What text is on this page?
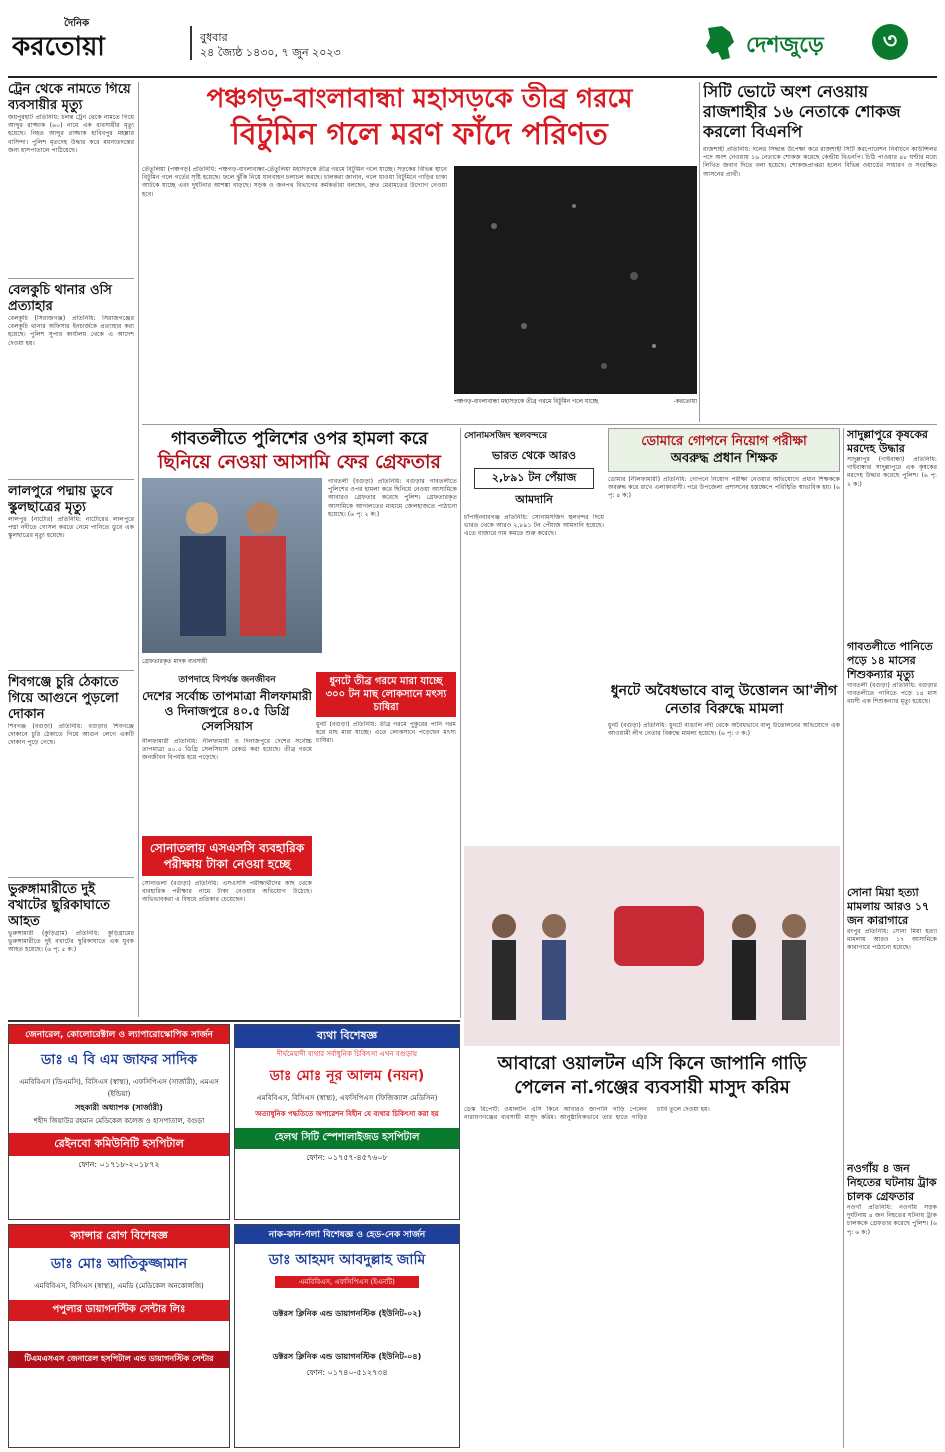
দৈনিক
করতোয়া	বুধবার
২৪ জ্যৈষ্ঠ ১৪৩০, ৭ জুন ২০২৩	দেশজুড়ে	৩
ট্রেন থেকে নামতে গিয়ে ব্যবসায়ীর মৃত্যু
জয়পুরহাট প্রতিনিধি: চলন্ত ট্রেন থেকে নামতে গিয়ে আব্দুর রাজ্জাক (৬০) নামে এক ব্যবসায়ীর মৃত্যু হয়েছে। নিহত আব্দুর রাজ্জাক হাবিবপুর মহল্লার বাসিন্দা। পুলিশ মৃতদেহ উদ্ধার করে ময়নাতদন্তের জন্য হাসপাতালে পাঠিয়েছে।
বেলকুচি থানার ওসি প্রত্যাহার
বেলকুচি (সিরাজগঞ্জ) প্রতিনিধি: সিরাজগঞ্জের বেলকুচি থানার অফিসার ইনচার্জকে প্রত্যাহার করা হয়েছে। পুলিশ সুপার কার্যালয় থেকে এ আদেশ দেওয়া হয়।
লালপুরে পদ্মায় ডুবে স্কুলছাত্রের মৃত্যু
লালপুর (নাটোর) প্রতিনিধি: নাটোরের লালপুরে পদ্মা নদীতে গোসল করতে নেমে পানিতে ডুবে এক স্কুলছাত্রের মৃত্যু হয়েছে।
শিবগঞ্জে চুরি ঠেকাতে গিয়ে আগুনে পুড়লো দোকান
শিবগঞ্জ (বগুড়া) প্রতিনিধি: বগুড়ার শিবগঞ্জে দোকানে চুরি ঠেকাতে গিয়ে আগুন লেগে একটি দোকান পুড়ে গেছে।
ভুরুঙ্গামারীতে দুই বখাটের ছুরিকাঘাতে আহত
ভুরুঙ্গামারী (কুড়িগ্রাম) প্রতিনিধি: কুড়িগ্রামের ভুরুঙ্গামারীতে দুই বখাটের ছুরিকাঘাতে এক যুবক আহত হয়েছে। (৬ পৃ: ৫ ক:)
পঞ্চগড়-বাংলাবান্ধা মহাসড়কে তীব্র গরমে
বিটুমিন গলে মরণ ফাঁদে পরিণত
তেঁতুলিয়া (পঞ্চগড়) প্রতিনিধি: পঞ্চগড়-বাংলাবান্ধা-তেঁতুলিয়া মহাসড়কে তীব্র গরমে বিটুমিন গলে যাচ্ছে। সড়কের বিভিন্ন স্থানে বিটুমিন গলে গর্তের সৃষ্টি হয়েছে। ফলে ঝুঁকি নিয়ে যানবাহন চলাচল করছে। চালকরা জানান, গলে যাওয়া বিটুমিনে গাড়ির চাকা আটকে যাচ্ছে এবং দুর্ঘটনার আশঙ্কা বাড়ছে। সড়ক ও জনপথ বিভাগের কর্মকর্তারা বলছেন, দ্রুত মেরামতের উদ্যোগ নেওয়া হবে।
পঞ্চগড়-বাংলাবান্ধা মহাসড়কে তীব্র গরমে বিটুমিন গলে যাচ্ছে	-করতোয়া
সিটি ভোটে অংশ নেওয়ায় রাজশাহীর ১৬ নেতাকে শোকজ করলো বিএনপি
রাজশাহী প্রতিনিধি: দলের সিদ্ধান্ত উপেক্ষা করে রাজশাহী সিটি করপোরেশন নির্বাচনে কাউন্সিলর পদে অংশ নেওয়ায় ১৬ নেতাকে শোকজ করেছে কেন্দ্রীয় বিএনপি। চিঠি পাওয়ার ৪৮ ঘণ্টার মধ্যে লিখিত জবাব দিতে বলা হয়েছে। শোকজপ্রাপ্তরা হলেন বিভিন্ন ওয়ার্ডের সাধারণ ও সংরক্ষিত আসনের প্রার্থী।
গাবতলীতে পুলিশের ওপর হামলা করে
ছিনিয়ে নেওয়া আসামি ফের গ্রেফতার
গ্রেফতারকৃত মাদক ব্যবসায়ী
গাবতলী (বগুড়া) প্রতিনিধি: বগুড়ার গাবতলীতে পুলিশের ওপর হামলা করে ছিনিয়ে নেওয়া আসামিকে আবারও গ্রেফতার করেছে পুলিশ। গ্রেফতারকৃত আসামিকে আদালতের মাধ্যমে জেলহাজতে পাঠানো হয়েছে। (৬ পৃ: ২ ক:)
তাপদাহে বিপর্যস্ত জনজীবন
দেশের সর্বোচ্চ তাপমাত্রা নীলফামারী ও দিনাজপুরে ৪০.৫ ডিগ্রি সেলসিয়াস
নীলফামারী প্রতিনিধি: নীলফামারী ও দিনাজপুরে দেশের সর্বোচ্চ তাপমাত্রা ৪০.৫ ডিগ্রি সেলসিয়াস রেকর্ড করা হয়েছে। তীব্র গরমে জনজীবন বিপর্যস্ত হয়ে পড়েছে।
ধুনটে তীব্র গরমে মারা যাচ্ছে ৩০০ টন মাছ লোকসানে মৎস্য চাষিরা
ধুনট (বগুড়া) প্রতিনিধি: তীব্র গরমে পুকুরের পানি গরম হয়ে মাছ মারা যাচ্ছে। এতে লোকসানে পড়েছেন মৎস্য চাষিরা।
সোনাতলায় এসএসসি ব্যবহারিক পরীক্ষায় টাকা নেওয়া হচ্ছে
সোনাতলা (বগুড়া) প্রতিনিধি: এসএসসি পরীক্ষার্থীদের কাছ থেকে ব্যবহারিক পরীক্ষার নামে টাকা নেওয়ার অভিযোগ উঠেছে। অভিভাবকরা এ বিষয়ে প্রতিকার চেয়েছেন।
সোনামসজিদ স্থলবন্দরে
ভারত থেকে আরও
২,৮৯১ টন পেঁয়াজ
আমদানি
চাঁপাইনবাবগঞ্জ প্রতিনিধি: সোনামসজিদ স্থলবন্দর দিয়ে ভারত থেকে আরও ২,৮৯১ টন পেঁয়াজ আমদানি হয়েছে। এতে বাজারে দাম কমতে শুরু করেছে।
ডোমারে গোপনে নিয়োগ পরীক্ষা
অবরুদ্ধ প্রধান শিক্ষক
ডোমার (নীলফামারী) প্রতিনিধি: গোপনে নিয়োগ পরীক্ষা নেওয়ার অভিযোগে প্রধান শিক্ষককে অবরুদ্ধ করে রাখে এলাকাবাসী। পরে উপজেলা প্রশাসনের হস্তক্ষেপে পরিস্থিতি স্বাভাবিক হয়। (৬ পৃ: ৪ ক:)
ধুনটে অবৈধভাবে বালু উত্তোলন আ'লীগ নেতার বিরুদ্ধে মামলা
ধুনট (বগুড়া) প্রতিনিধি: ধুনটে বাঙালি নদী থেকে অবৈধভাবে বালু উত্তোলনের অভিযোগে এক আওয়ামী লীগ নেতার বিরুদ্ধে মামলা হয়েছে। (৬ পৃ: ৩ ক:)
আবারো ওয়ালটন এসি কিনে জাপানি গাড়ি
পেলেন না.গঞ্জের ব্যবসায়ী মাসুদ করিম
ডেস্ক রিপোর্ট: ওয়ালটন এসি কিনে আবারও জাপানি গাড়ি পেলেন নারায়ণগঞ্জের ব্যবসায়ী মাসুদ করিম। আনুষ্ঠানিকভাবে তার হাতে গাড়ির চাবি তুলে দেওয়া হয়।
সাদুল্লাপুরে কৃষকের মরদেহ উদ্ধার
সাদুল্লাপুর (গাইবান্ধা) প্রতিনিধি: গাইবান্ধার সাদুল্লাপুরে এক কৃষকের মরদেহ উদ্ধার করেছে পুলিশ। (৬ পৃ: ২ ক:)
গাবতলীতে পানিতে পড়ে ১৪ মাসের শিশুকন্যার মৃত্যু
গাবতলী (বগুড়া) প্রতিনিধি: বগুড়ার গাবতলীতে পানিতে পড়ে ১৪ মাস বয়সী এক শিশুকন্যার মৃত্যু হয়েছে।
সোনা মিয়া হত্যা মামলায় আরও ১৭ জন কারাগারে
রংপুর প্রতিনিধি: সোনা মিয়া হত্যা মামলায় আরও ১৭ আসামিকে কারাগারে পাঠানো হয়েছে।
নওগাঁয় ৪ জন নিহতের ঘটনায় ট্রাক চালক গ্রেফতার
নওগাঁ প্রতিনিধি: নওগাঁয় সড়ক দুর্ঘটনায় ৪ জন নিহতের ঘটনায় ট্রাক চালককে গ্রেফতার করেছে পুলিশ। (৬ পৃ: ৬ ক:)
জেনারেল, কোলোরেক্টাল ও ল্যাপারোস্কোপিক সার্জন
ডাঃ এ বি এম জাফর সাদিক
এমবিবিএস (ডিএমসি), বিসিএস (স্বাস্থ্য), এফসিপিএস (সার্জারী), এমএস (ইন্ডিয়া)
সহকারী অধ্যাপক (সার্জারী)
শহীদ জিয়াউর রহমান মেডিকেল কলেজ ও হাসপাতাল, বগুড়া
রেইনবো কমিউনিটি হসপিটাল
ফোন: ০১৭১৮-২০১৮৭২
ক্যান্সার রোগ বিশেষজ্ঞ
ডাঃ মোঃ আতিকুজ্জামান
এমবিবিএস, বিসিএস (স্বাস্থ্য), এমডি (মেডিকেল অনকোলজি)
পপুলার ডায়াগনস্টিক সেন্টার লিঃ
টিএমএসএস জেনারেল হসপিটাল এন্ড ডায়াগনস্টিক সেন্টার
ব্যথা বিশেষজ্ঞ
দীর্ঘমেয়াদী ব্যথার সর্বাধুনিক চিকিৎসা এখন বগুড়ায়
ডাঃ মোঃ নূর আলম (নয়ন)
এমবিবিএস, বিসিএস (স্বাস্থ্য), এফসিপিএস (ফিজিক্যাল মেডিসিন)
অত্যাধুনিক পদ্ধতিতে অপারেশন বিহীন যে ব্যথার চিকিৎসা করা হয়
হেলথ সিটি স্পেশালাইজড হসপিটাল
ফোন: ০১৭৫৭-৪৫৭৬০৮
নাক-কান-গলা বিশেষজ্ঞ ও হেড-নেক সার্জন
ডাঃ আহমদ আবদুল্লাহ জামি
এমবিবিএস, এফসিপিএস (ইএনটি)
ডক্টরস ক্লিনিক এন্ড ডায়াগনস্টিক (ইউনিট-০২)
ডক্টরস ক্লিনিক এন্ড ডায়াগনস্টিক (ইউনিট-০৪)
ফোন: ০১৭৪০-৫১২৭৩৪
